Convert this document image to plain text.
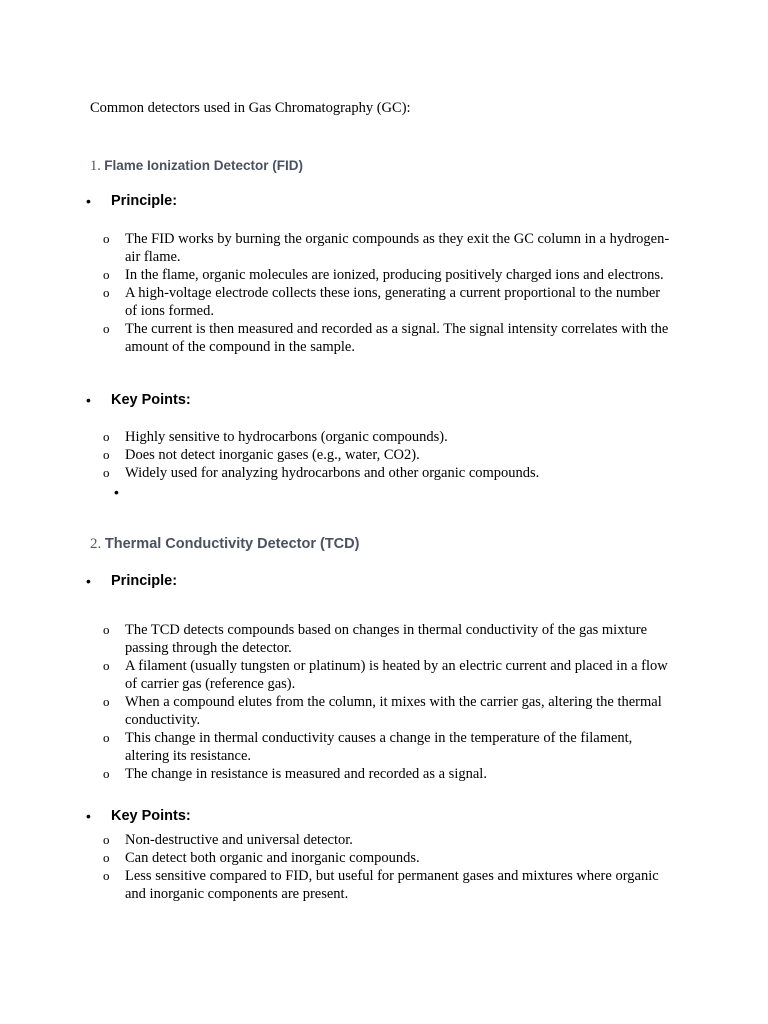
Common detectors used in Gas Chromatography (GC):
1. Flame Ionization Detector (FID)
• Principle:
o The FID works by burning the organic compounds as they exit the GC column in a hydrogen-air flame.
o In the flame, organic molecules are ionized, producing positively charged ions and electrons.
o A high-voltage electrode collects these ions, generating a current proportional to the number of ions formed.
o The current is then measured and recorded as a signal. The signal intensity correlates with the amount of the compound in the sample.
• Key Points:
o Highly sensitive to hydrocarbons (organic compounds).
o Does not detect inorganic gases (e.g., water, CO2).
o Widely used for analyzing hydrocarbons and other organic compounds.
•
2. Thermal Conductivity Detector (TCD)
• Principle:
o The TCD detects compounds based on changes in thermal conductivity of the gas mixture passing through the detector.
o A filament (usually tungsten or platinum) is heated by an electric current and placed in a flow of carrier gas (reference gas).
o When a compound elutes from the column, it mixes with the carrier gas, altering the thermal conductivity.
o This change in thermal conductivity causes a change in the temperature of the filament, altering its resistance.
o The change in resistance is measured and recorded as a signal.
• Key Points:
o Non-destructive and universal detector.
o Can detect both organic and inorganic compounds.
o Less sensitive compared to FID, but useful for permanent gases and mixtures where organic and inorganic components are present.
